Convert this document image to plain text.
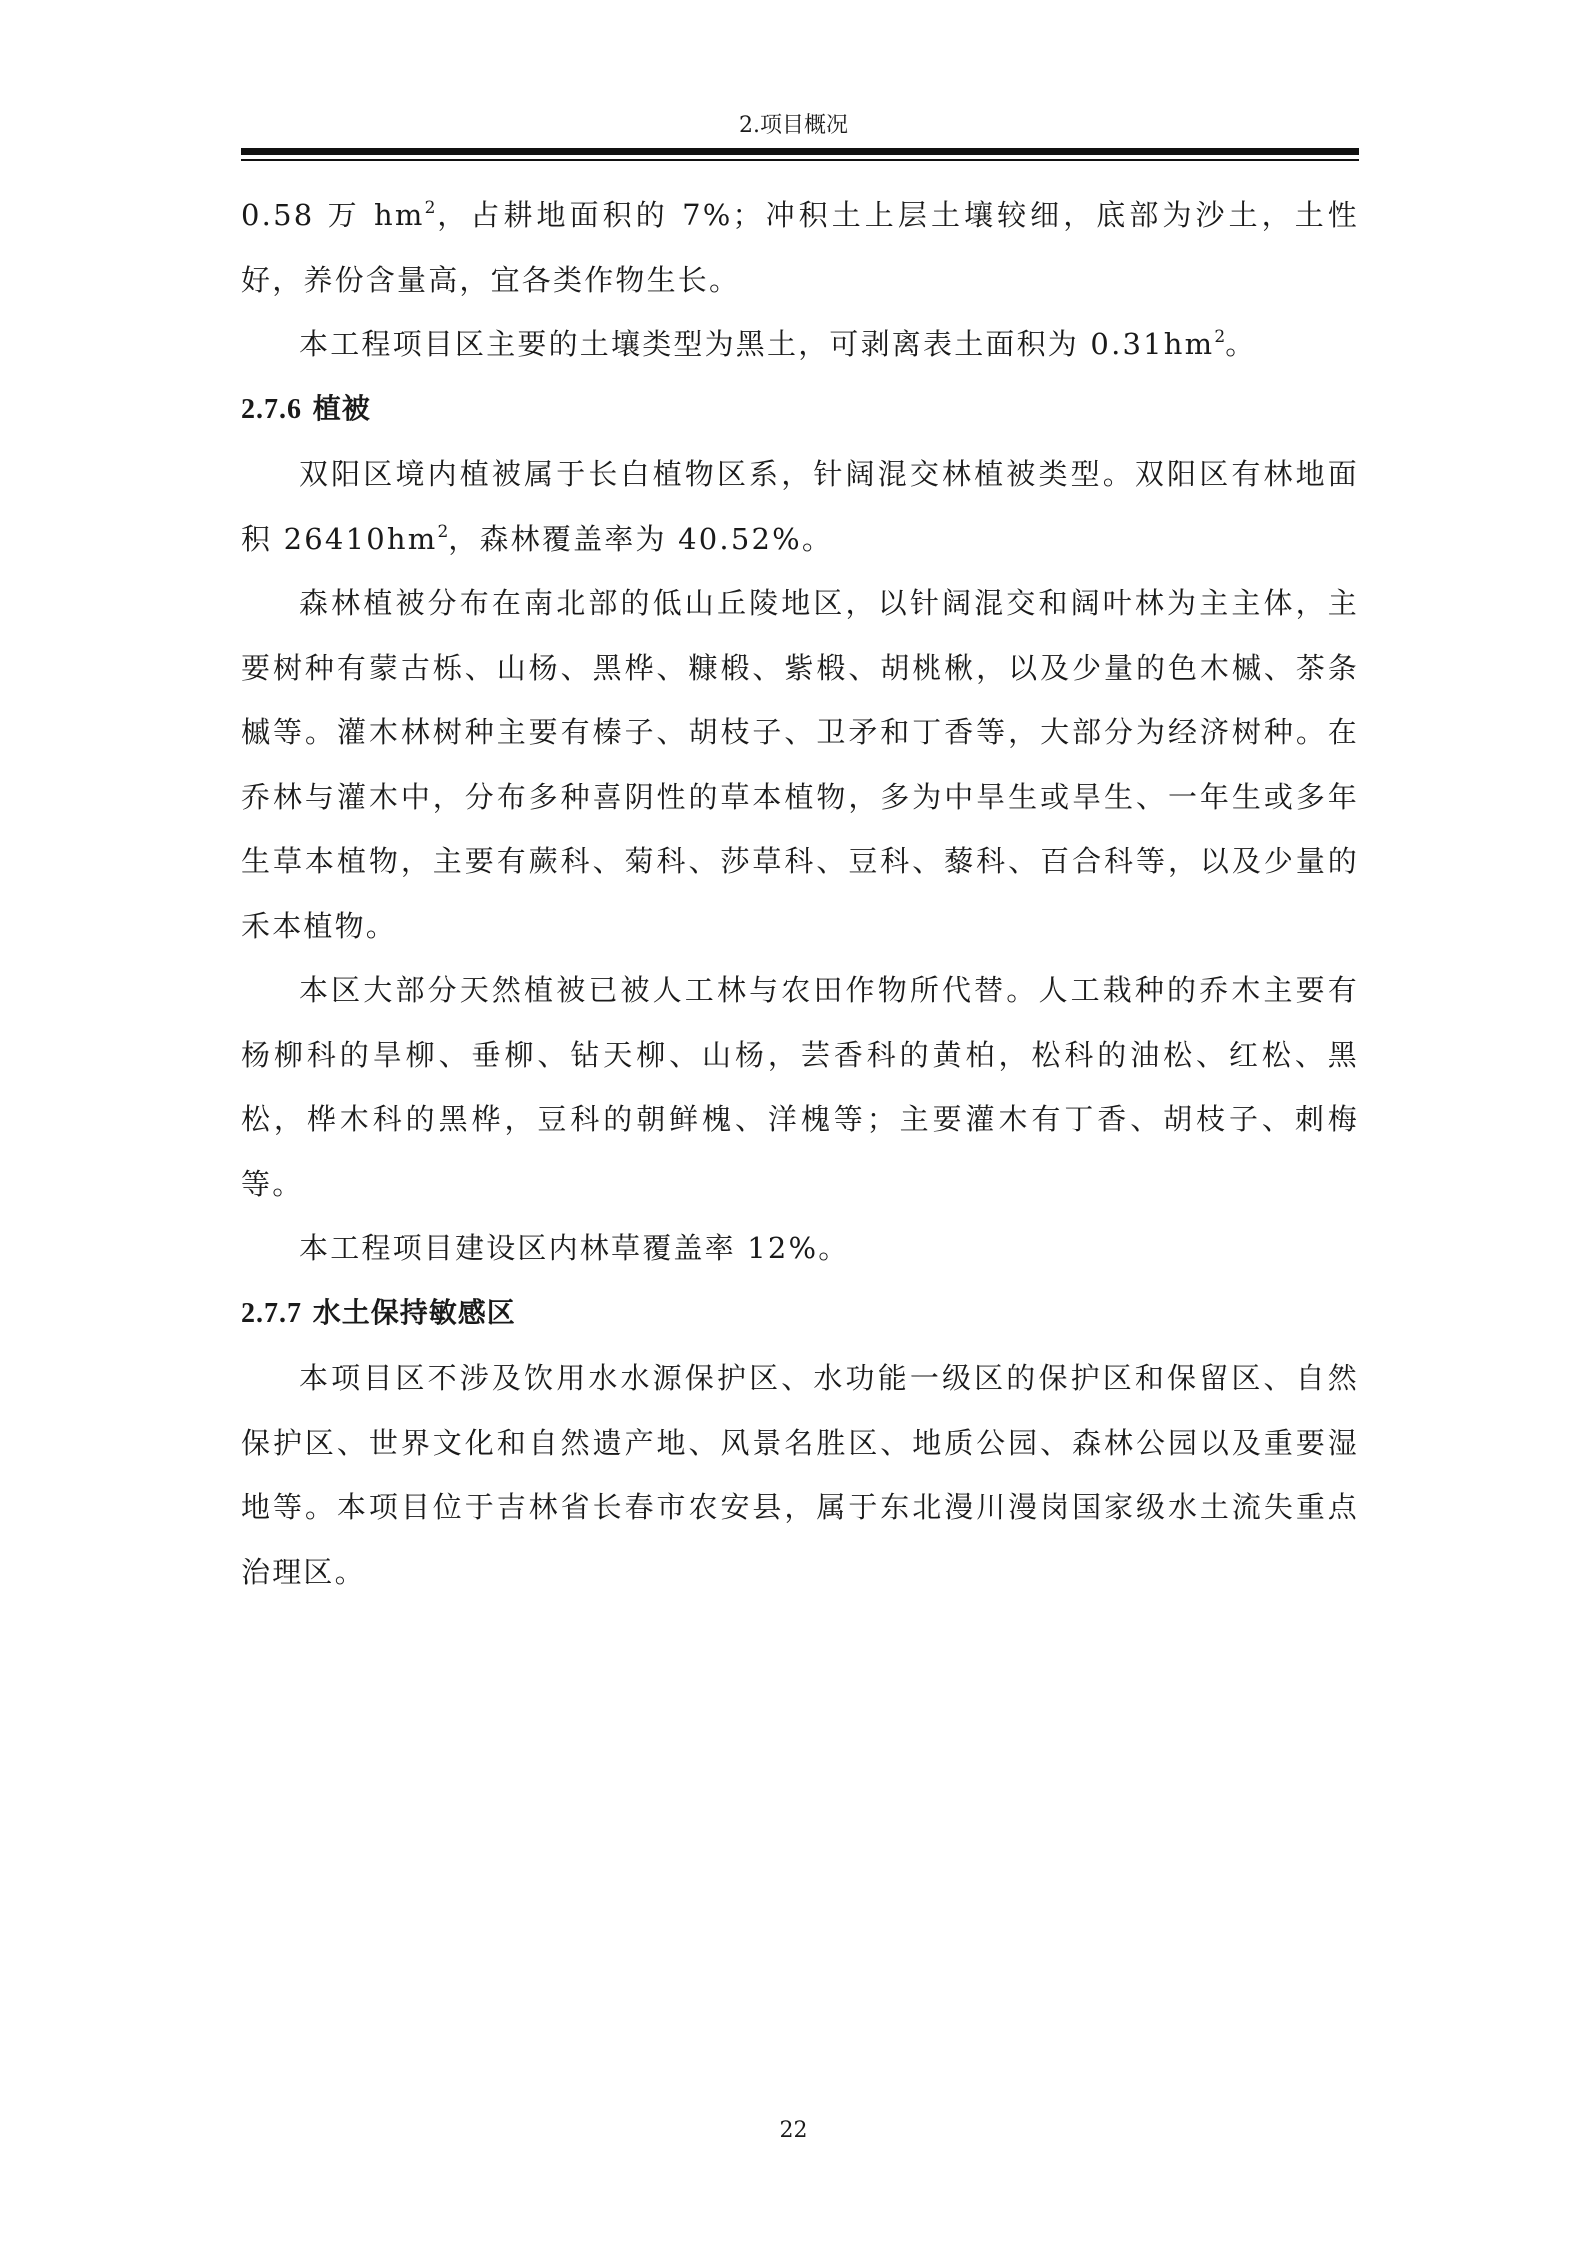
2.项目概况

0.58 万 $hm^2$，占耕地面积的 7%；冲积土上层土壤较细，底部为沙土，土性好，养份含量高，宜各类作物生长。

本工程项目区主要的土壤类型为黑土，可剥离表土面积为 $0.31hm^2$。

2.7.6 植被

双阳区境内植被属于长白植物区系，针阔混交林植被类型。双阳区有林地面积 $26410hm^2$，森林覆盖率为 40.52%。

森林植被分布在南北部的低山丘陵地区，以针阔混交和阔叶林为主主体，主要树种有蒙古栎、山杨、黑桦、糠椴、紫椴、胡桃楸，以及少量的色木槭、茶条槭等。灌木林树种主要有榛子、胡枝子、卫矛和丁香等，大部分为经济树种。在乔林与灌木中，分布多种喜阴性的草本植物，多为中旱生或旱生、一年生或多年生草本植物，主要有蕨科、菊科、莎草科、豆科、藜科、百合科等，以及少量的禾本植物。

本区大部分天然植被已被人工林与农田作物所代替。人工栽种的乔木主要有杨柳科的旱柳、垂柳、钻天柳、山杨，芸香科的黄柏，松科的油松、红松、黑松，桦木科的黑桦，豆科的朝鲜槐、洋槐等；主要灌木有丁香、胡枝子、刺梅等。

本工程项目建设区内林草覆盖率 12%。

2.7.7 水土保持敏感区

本项目区不涉及饮用水水源保护区、水功能一级区的保护区和保留区、自然保护区、世界文化和自然遗产地、风景名胜区、地质公园、森林公园以及重要湿地等。本项目位于吉林省长春市农安县，属于东北漫川漫岗国家级水土流失重点治理区。

22
